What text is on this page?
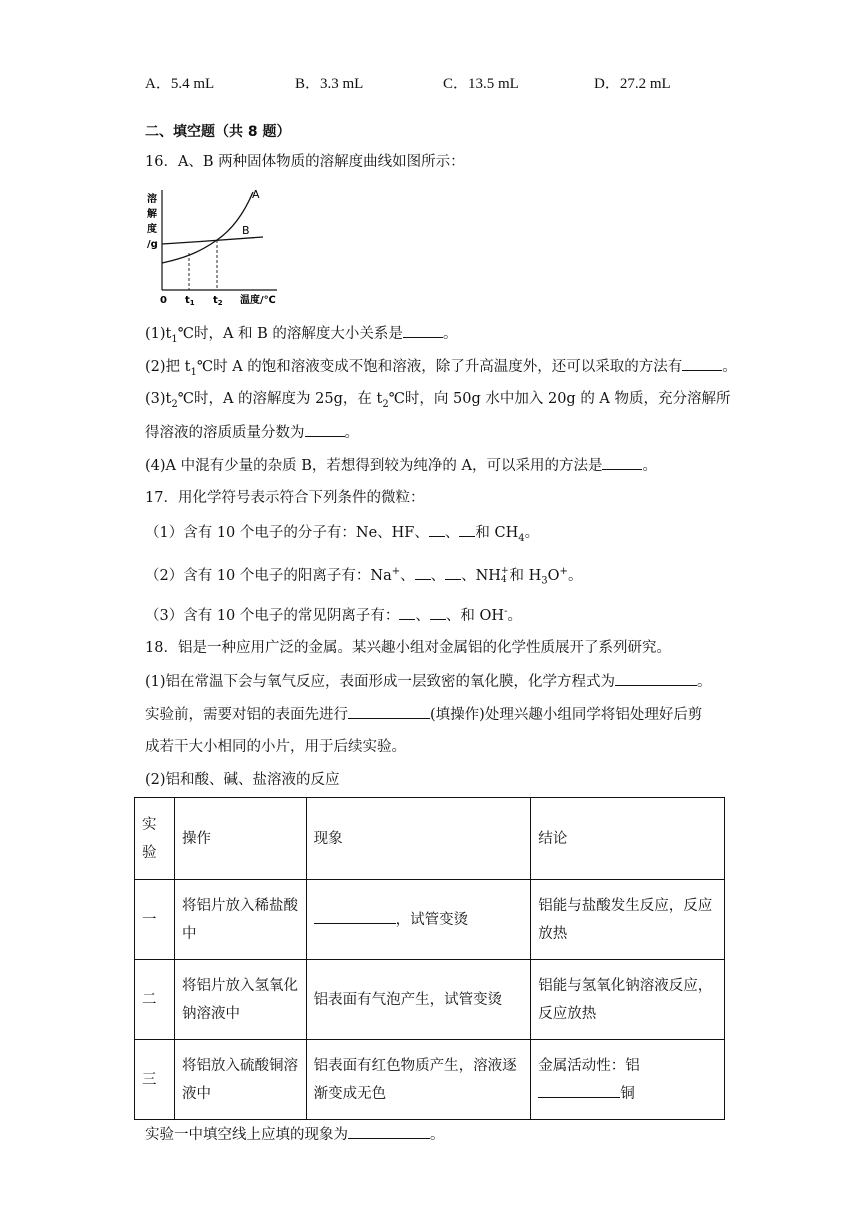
A．5.4 mL	B．3.3 mL	C．13.5 mL	D．27.2 mL
二、填空题（共 8 题）
16．A、B 两种固体物质的溶解度曲线如图所示：
溶
解
度
/g
A
B
0 $t_1$ $t_2$ 温度/℃
$(1)t_1℃$时，A 和 B 的溶解度大小关系是	。
(2)把 $t_1℃$时 A 的饱和溶液变成不饱和溶液，除了升高温度外，还可以采取的方法有	。
$(3)t_2℃$时，A 的溶解度为 25g，在 $t_2℃$时，向 50g 水中加入 20g 的 A 物质，充分溶解所
得溶液的溶质质量分数为	。
(4)A 中混有少量的杂质 B，若想得到较为纯净的 A，可以采用的方法是	。
17．用化学符号表示符合下列条件的微粒：
（1）含有 10 个电子的分子有：Ne、HF、 、 和 $CH_4$。
（2）含有 10 个电子的阳离子有：Na+、 、 、NH +
4 和 $H_3O^+$。
（3）含有 10 个电子的常见阴离子有： 、 、和 OH-。
18．铝是一种应用广泛的金属。某兴趣小组对金属铝的化学性质展开了系列研究。
(1)铝在常温下会与氧气反应，表面形成一层致密的氧化膜，化学方程式为	。
实验前，需要对铝的表面先进行	(填操作)处理兴趣小组同学将铝处理好后剪
成若干大小相同的小片，用于后续实验。
(2)铝和酸、碱、盐溶液的反应
实验	操作	现象	结论
一	将铝片放入稀盐酸中	，试管变烫	铝能与盐酸发生反应，反应放热
二	将铝片放入氢氧化钠溶液中	铝表面有气泡产生，试管变烫	铝能与氢氧化钠溶液反应，反应放热
三	将铝放入硫酸铜溶液中	铝表面有红色物质产生，溶液逐渐变成无色	金属活动性：铝
铜
实验一中填空线上应填的现象为	。
